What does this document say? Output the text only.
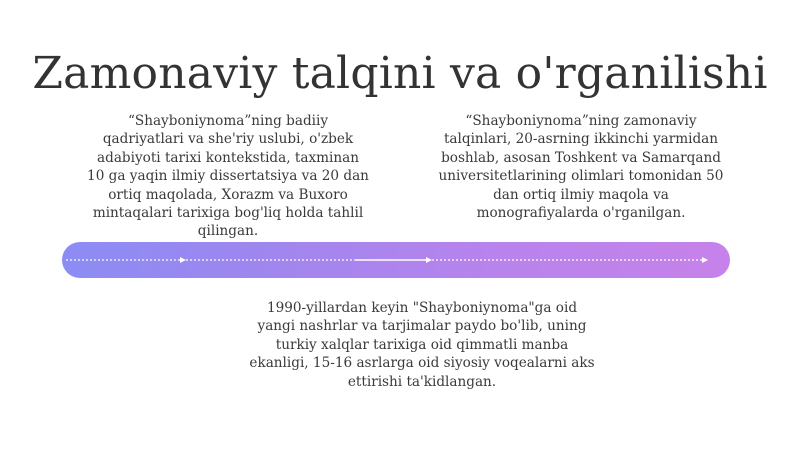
Zamonaviy talqini va o'rganilishi
“Shayboniynoma”ning badiiy
qadriyatlari va she'riy uslubi, o'zbek
adabiyoti tarixi kontekstida, taxminan
10 ga yaqin ilmiy dissertatsiya va 20 dan
ortiq maqolada, Xorazm va Buxoro
mintaqalari tarixiga bog'liq holda tahlil
qilingan.
“Shayboniynoma”ning zamonaviy
talqinlari, 20-asrning ikkinchi yarmidan
boshlab, asosan Toshkent va Samarqand
universitetlarining olimlari tomonidan 50
dan ortiq ilmiy maqola va
monografiyalarda o'rganilgan.
1990-yillardan keyin "Shayboniynoma"ga oid
yangi nashrlar va tarjimalar paydo bo'lib, uning
turkiy xalqlar tarixiga oid qimmatli manba
ekanligi, 15-16 asrlarga oid siyosiy voqealarni aks
ettirishi ta'kidlangan.
